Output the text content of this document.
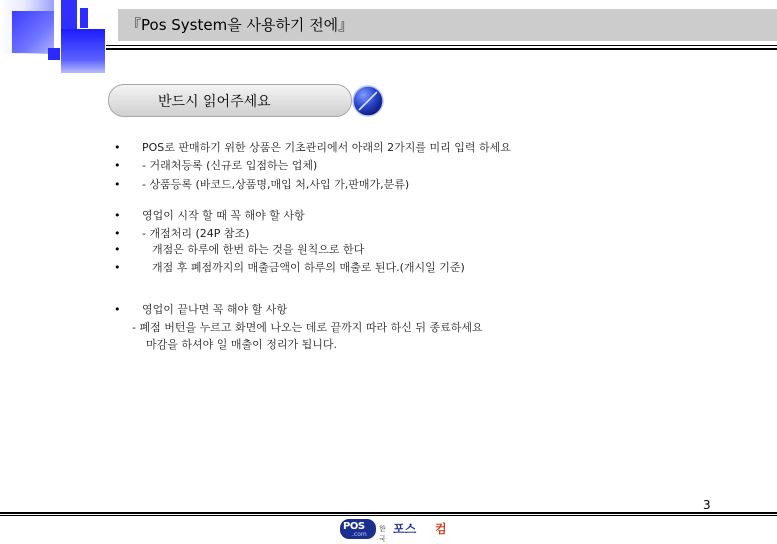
『Pos System을 사용하기 전에』
반드시 읽어주세요
•
•
•
POS로 판매하기 위한 상품은 기초관리에서 아래의 2가지를 미리 입력 하세요
- 거래처등록 (신규로 입점하는 업체)
- 상품등록 (바코드,상품명,매입 처,사입 가,판매가,분류)
•
•
•
•
영업이 시작 할 때 꼭 해야 할 사항
- 개점처리 (24P 참조)
개점은 하루에 한번 하는 것을 원칙으로 한다
개점 후 폐점까지의 매출금액이 하루의 매출로 된다.(개시일 기준)
• 영업이 끝나면 꼭 해야 할 사항
- 폐점 버턴을 누르고 화면에 나오는 데로 끝까지 따라 하신 뒤 종료하세요
마감을 하셔야 일 매출이 정리가 됩니다.
3
POS
.com
한국
포스 컴
